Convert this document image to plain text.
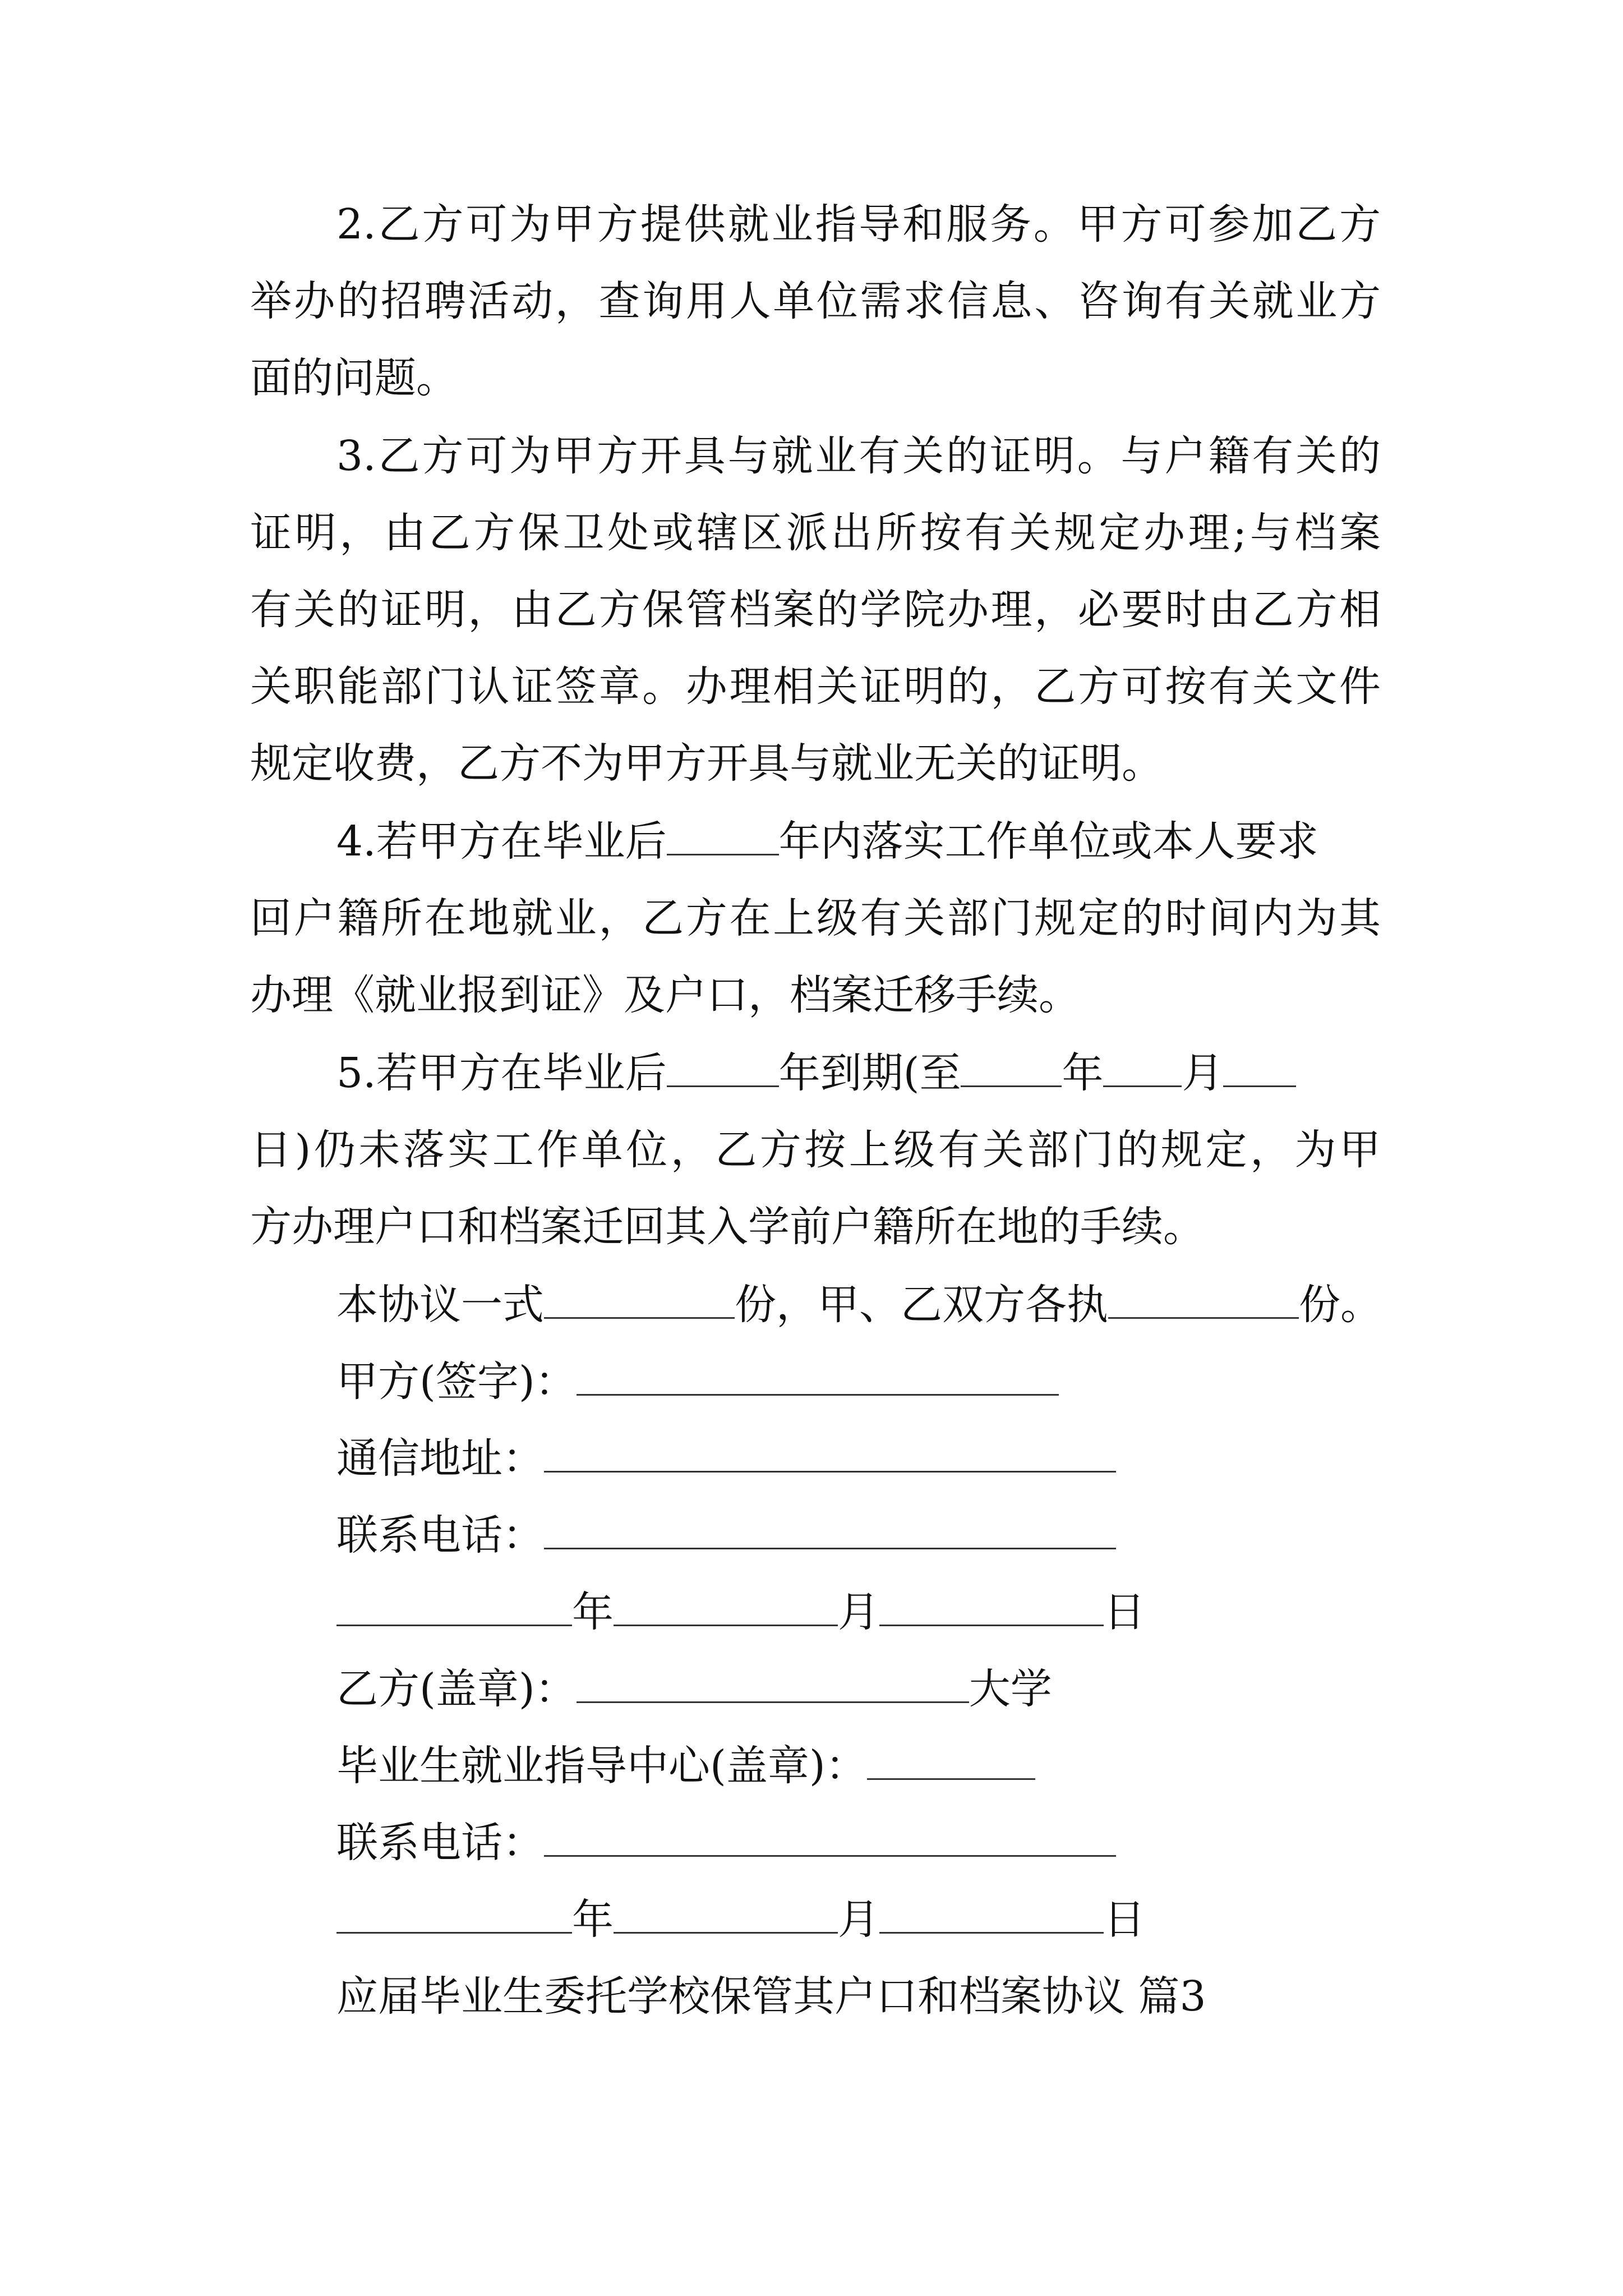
2.乙方可为甲方提供就业指导和服务。甲方可参加乙方
举办的招聘活动，查询用人单位需求信息、咨询有关就业方
面的问题。
3.乙方可为甲方开具与就业有关的证明。与户籍有关的
证明，由乙方保卫处或辖区派出所按有关规定办理;与档案
有关的证明，由乙方保管档案的学院办理，必要时由乙方相
关职能部门认证签章。办理相关证明的，乙方可按有关文件
规定收费，乙方不为甲方开具与就业无关的证明。
4.若甲方在毕业后	年内落实工作单位或本人要求
回户籍所在地就业，乙方在上级有关部门规定的时间内为其
办理《就业报到证》及户口，档案迁移手续。
5.若甲方在毕业后	年到期(至 年 月
日)仍未落实工作单位，乙方按上级有关部门的规定，为甲
方办理户口和档案迁回其入学前户籍所在地的手续。
本协议一式	份，甲、乙双方各执	份。
甲方(签字)：
通信地址：
联系电话：
年	月	日
乙方(盖章)：	大学
毕业生就业指导中心(盖章)：
联系电话：
年	月	日
应届毕业生委托学校保管其户口和档案协议 篇3
